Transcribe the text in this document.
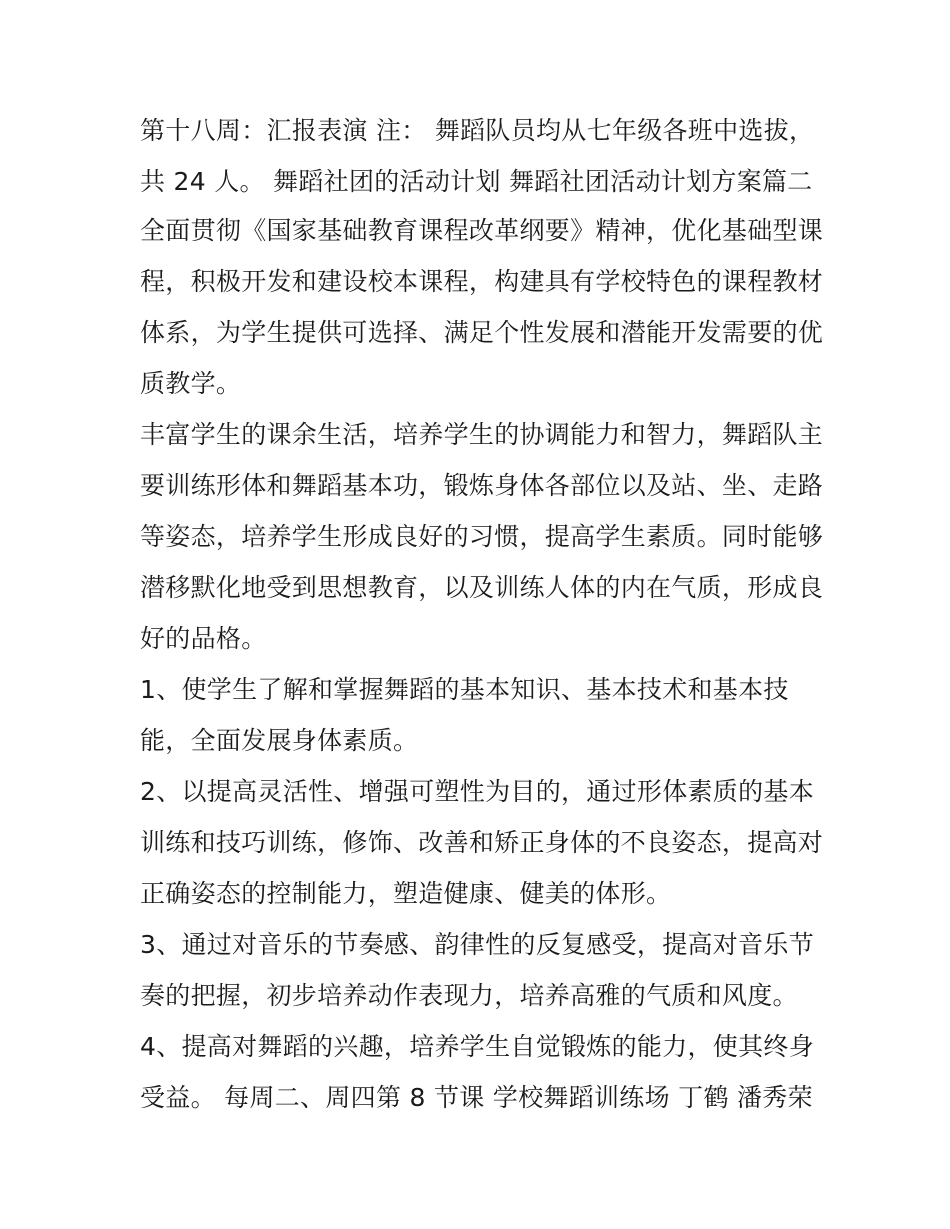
第十八周：汇报表演 注： 舞蹈队员均从七年级各班中选拔，
共 24 人。 舞蹈社团的活动计划 舞蹈社团活动计划方案篇二
全面贯彻《国家基础教育课程改革纲要》精神，优化基础型课
程，积极开发和建设校本课程，构建具有学校特色的课程教材
体系，为学生提供可选择、满足个性发展和潜能开发需要的优
质教学。
丰富学生的课余生活，培养学生的协调能力和智力，舞蹈队主
要训练形体和舞蹈基本功，锻炼身体各部位以及站、坐、走路
等姿态，培养学生形成良好的习惯，提高学生素质。同时能够
潜移默化地受到思想教育，以及训练人体的内在气质，形成良
好的品格。
1、使学生了解和掌握舞蹈的基本知识、基本技术和基本技
能，全面发展身体素质。
2、以提高灵活性、增强可塑性为目的，通过形体素质的基本
训练和技巧训练，修饰、改善和矫正身体的不良姿态，提高对
正确姿态的控制能力，塑造健康、健美的体形。
3、通过对音乐的节奏感、韵律性的反复感受，提高对音乐节
奏的把握，初步培养动作表现力，培养高雅的气质和风度。
4、提高对舞蹈的兴趣，培养学生自觉锻炼的能力，使其终身
受益。 每周二、周四第 8 节课 学校舞蹈训练场 丁鹤 潘秀荣
